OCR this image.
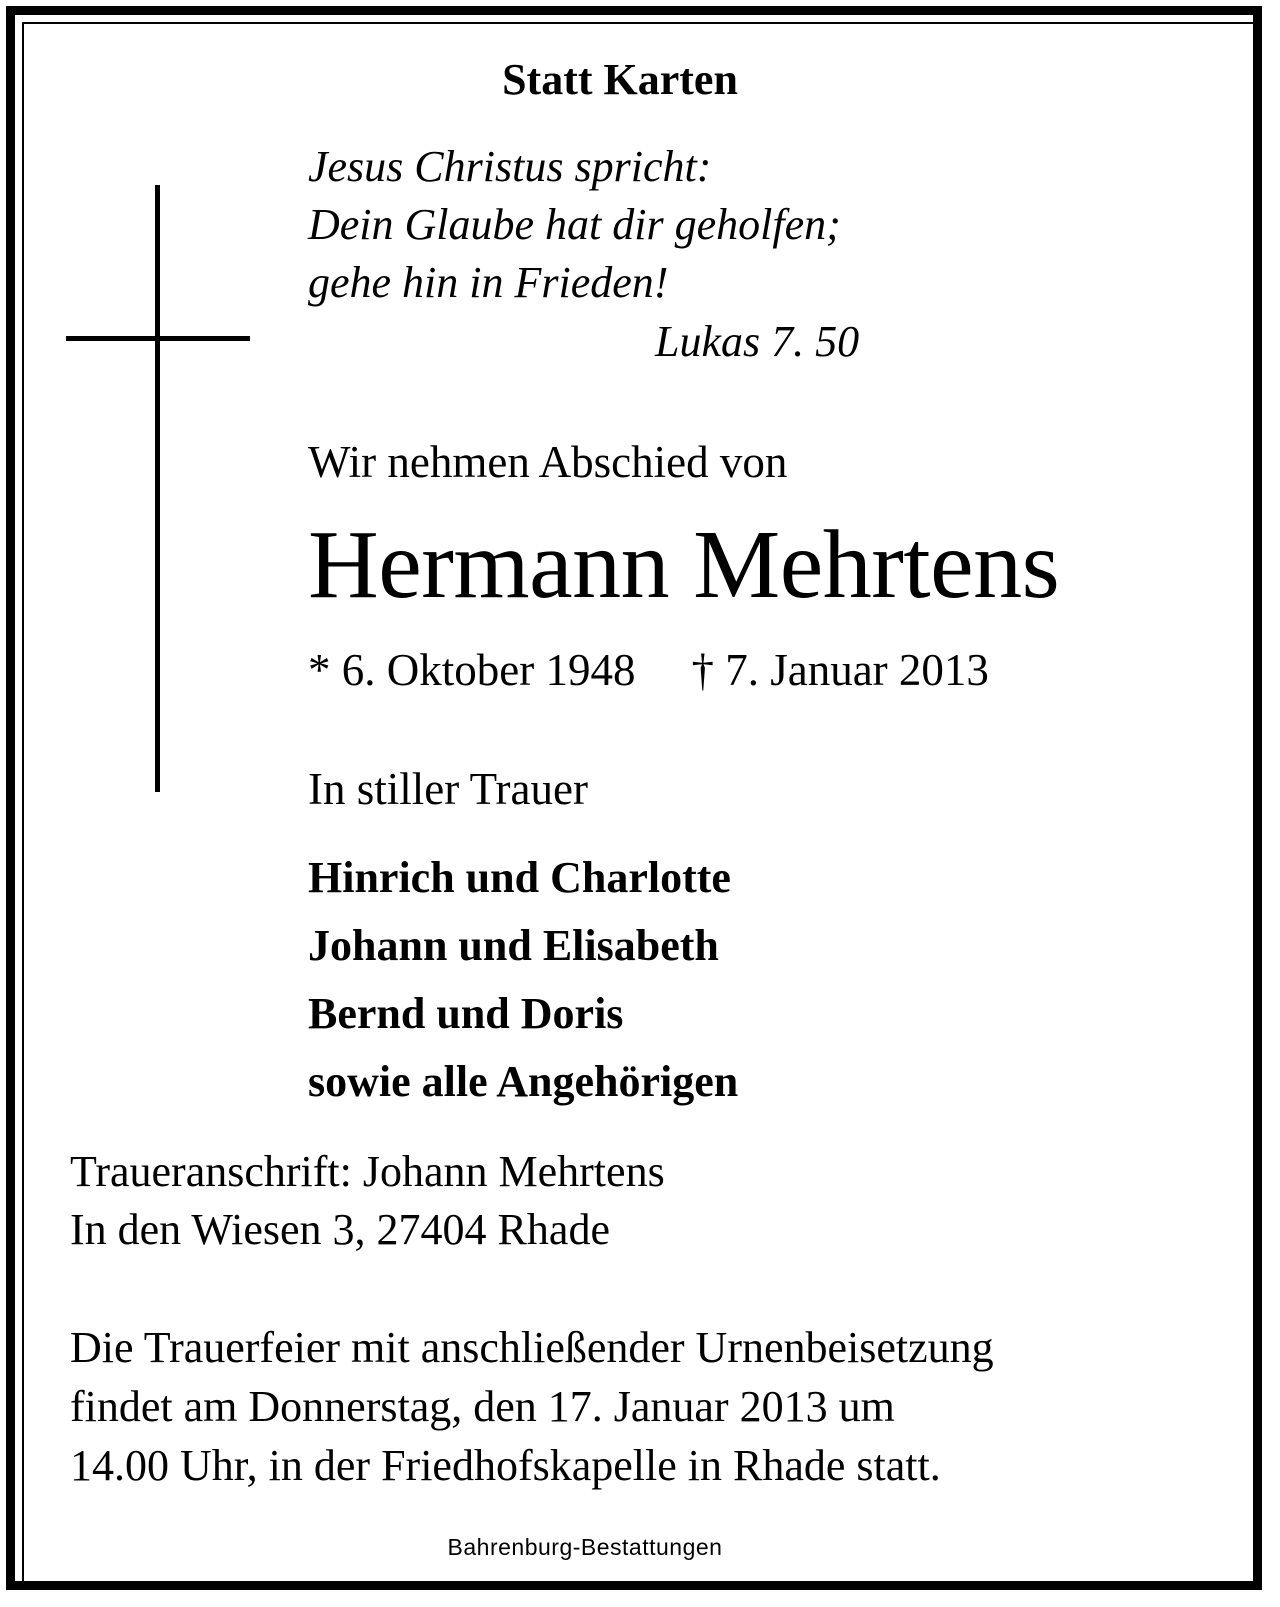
Statt Karten

Jesus Christus spricht:

Dein Glaube hat dir geholfen;

gehe hin in Frieden!

Lukas 7. 50

Wir nehmen Abschied von

Hermann Mehrtens

* 6. Oktober 1948 † 7. Januar 2013

In stiller Trauer

Hinrich und Charlotte

Johann und Elisabeth

Bernd und Doris

sowie alle Angehörigen

Traueranschrift: Johann Mehrtens

In den Wiesen 3, 27404 Rhade

Die Trauerfeier mit anschließender Urnenbeisetzung

findet am Donnerstag, den 17. Januar 2013 um

14.00 Uhr, in der Friedhofskapelle in Rhade statt.

Bahrenburg-Bestattungen
